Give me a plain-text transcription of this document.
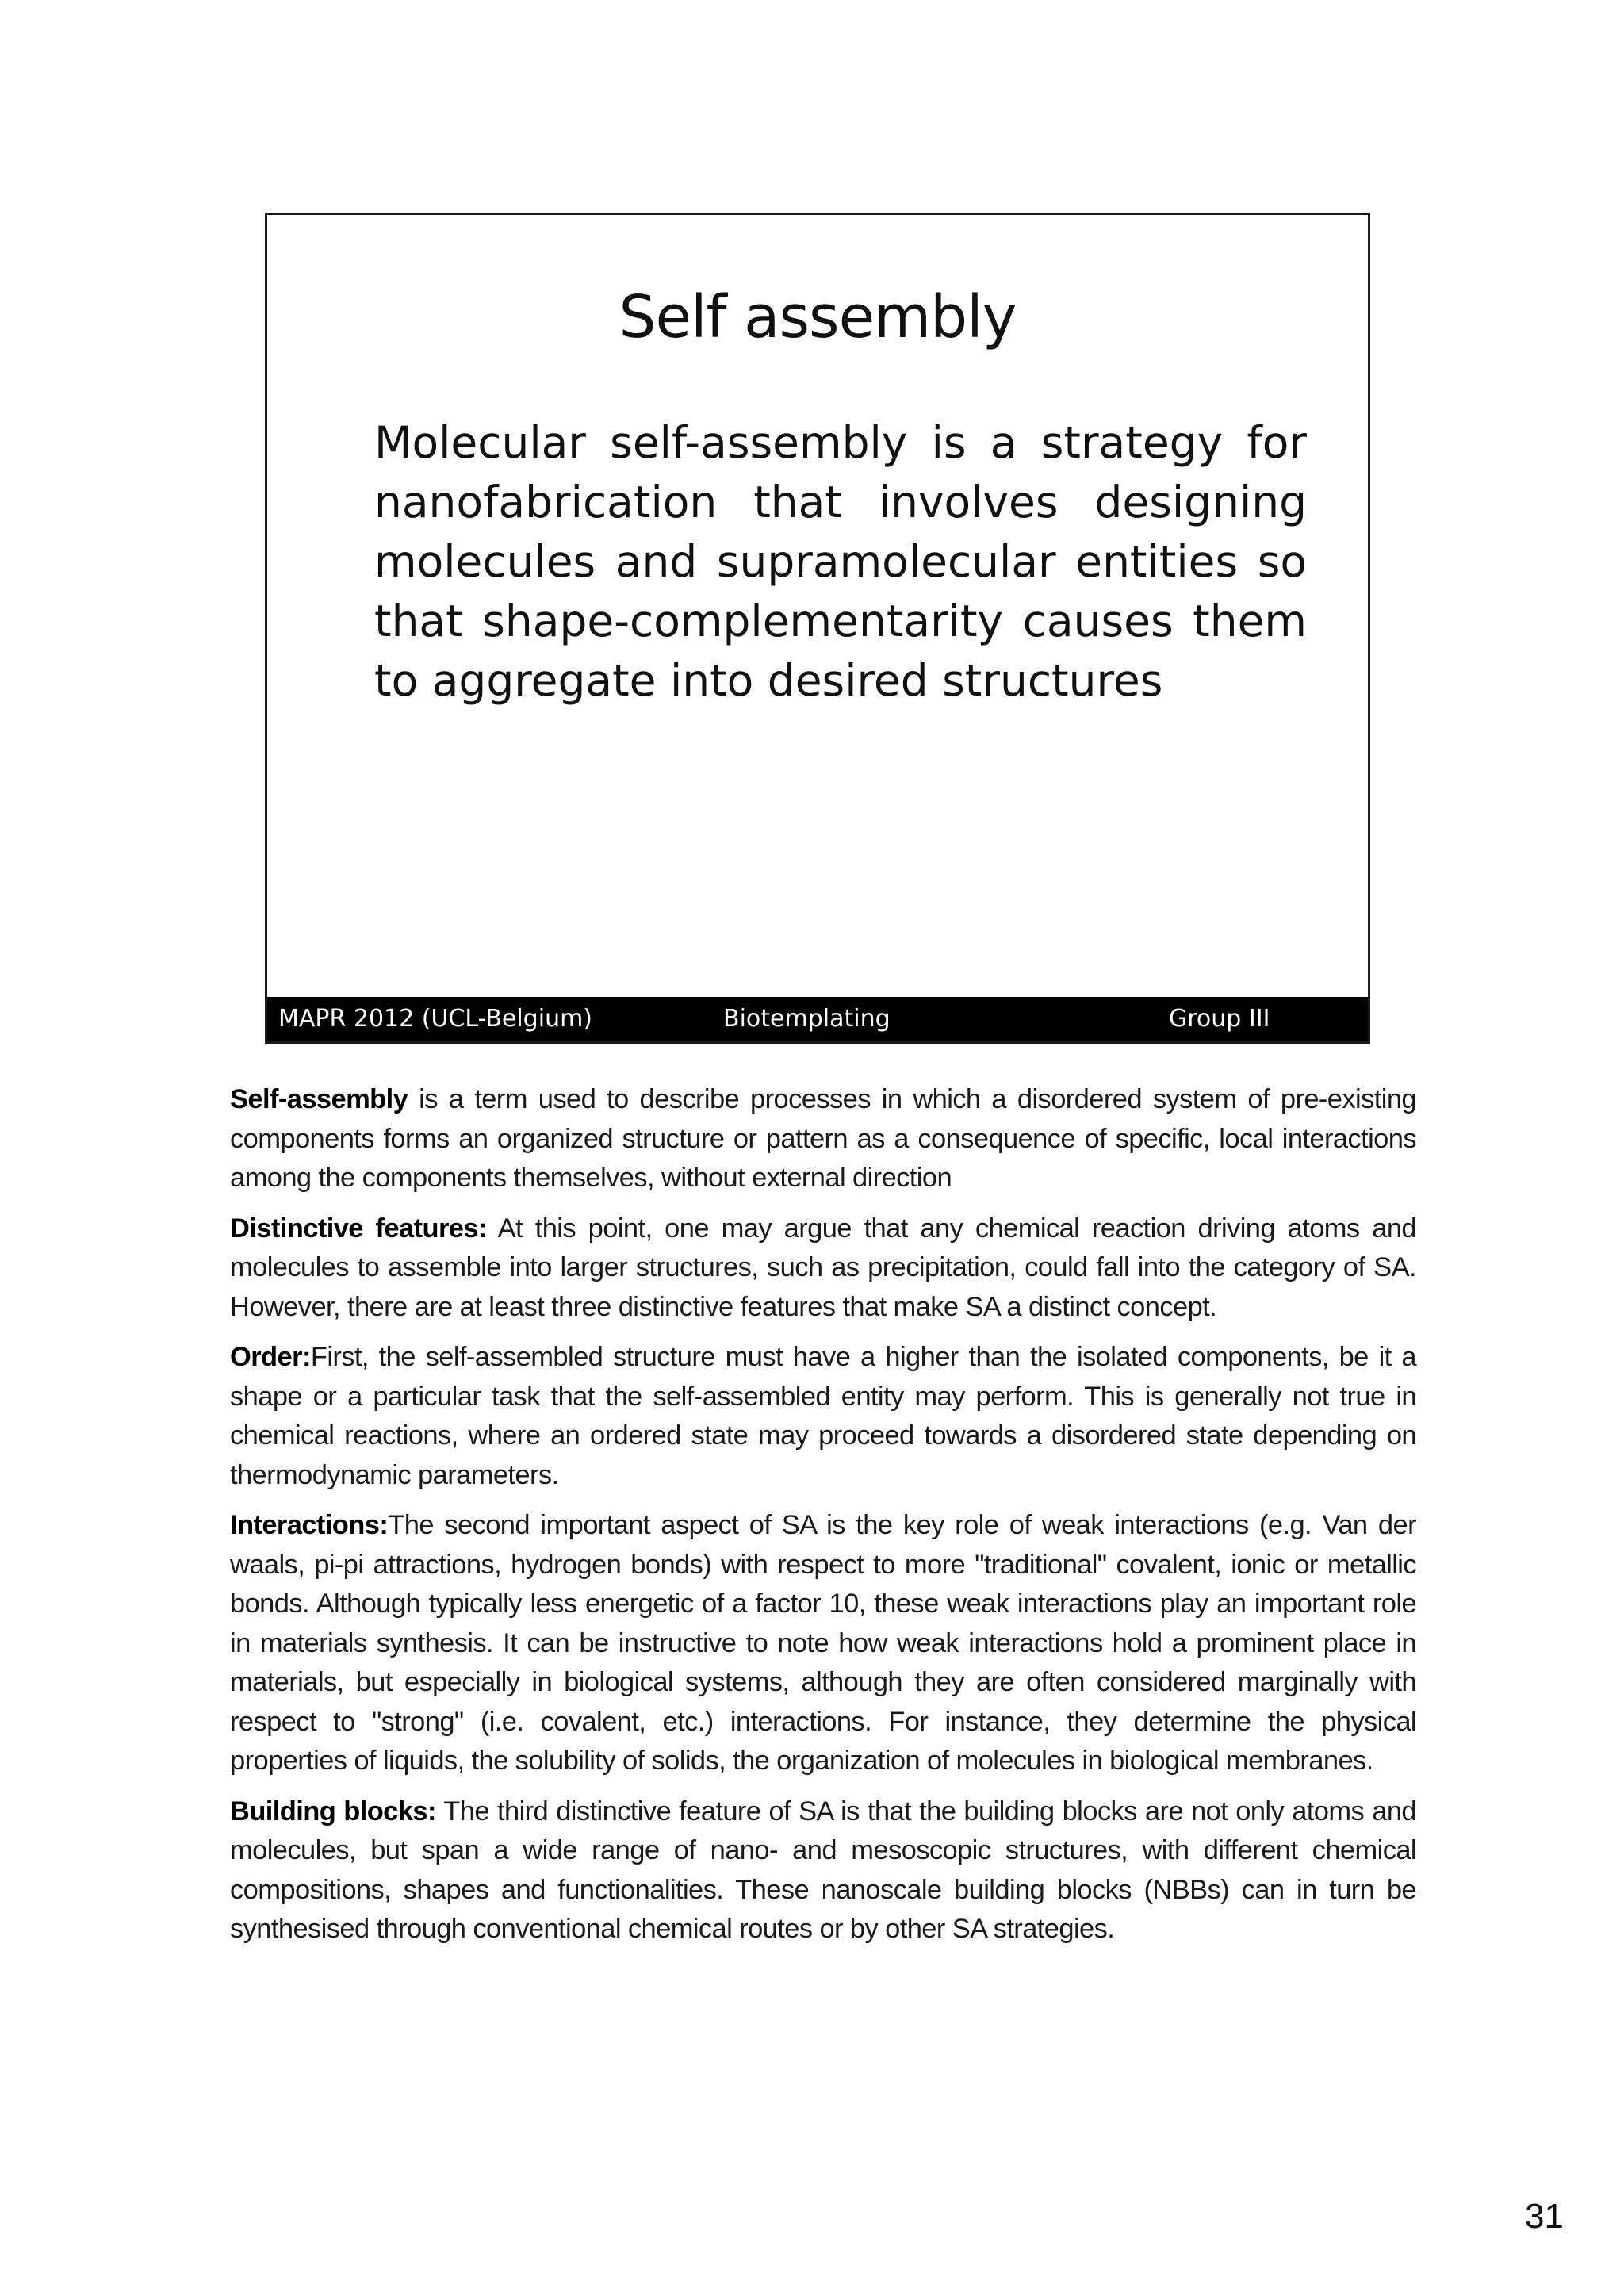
Self assembly
Molecular self-assembly is a strategy for nanofabrication that involves designing molecules and supramolecular entities so that shape-complementarity causes them to aggregate into desired structures
MAPR 2012 (UCL-Belgium)	Biotemplating	Group III

Self-assembly is a term used to describe processes in which a disordered system of pre-existing components forms an organized structure or pattern as a consequence of specific, local interactions among the components themselves, without external direction

Distinctive features: At this point, one may argue that any chemical reaction driving atoms and molecules to assemble into larger structures, such as precipitation, could fall into the category of SA. However, there are at least three distinctive features that make SA a distinct concept.

Order:First, the self-assembled structure must have a higher than the isolated components, be it a shape or a particular task that the self-assembled entity may perform. This is generally not true in chemical reactions, where an ordered state may proceed towards a disordered state depending on thermodynamic parameters.

Interactions:The second important aspect of SA is the key role of weak interactions (e.g. Van der waals, pi-pi attractions, hydrogen bonds) with respect to more "traditional" covalent, ionic or metallic bonds. Although typically less energetic of a factor 10, these weak interactions play an important role in materials synthesis. It can be instructive to note how weak interactions hold a prominent place in materials, but especially in biological systems, although they are often considered marginally with respect to "strong" (i.e. covalent, etc.) interactions. For instance, they determine the physical properties of liquids, the solubility of solids, the organization of molecules in biological membranes.

Building blocks: The third distinctive feature of SA is that the building blocks are not only atoms and molecules, but span a wide range of nano- and mesoscopic structures, with different chemical compositions, shapes and functionalities. These nanoscale building blocks (NBBs) can in turn be synthesised through conventional chemical routes or by other SA strategies.

31
